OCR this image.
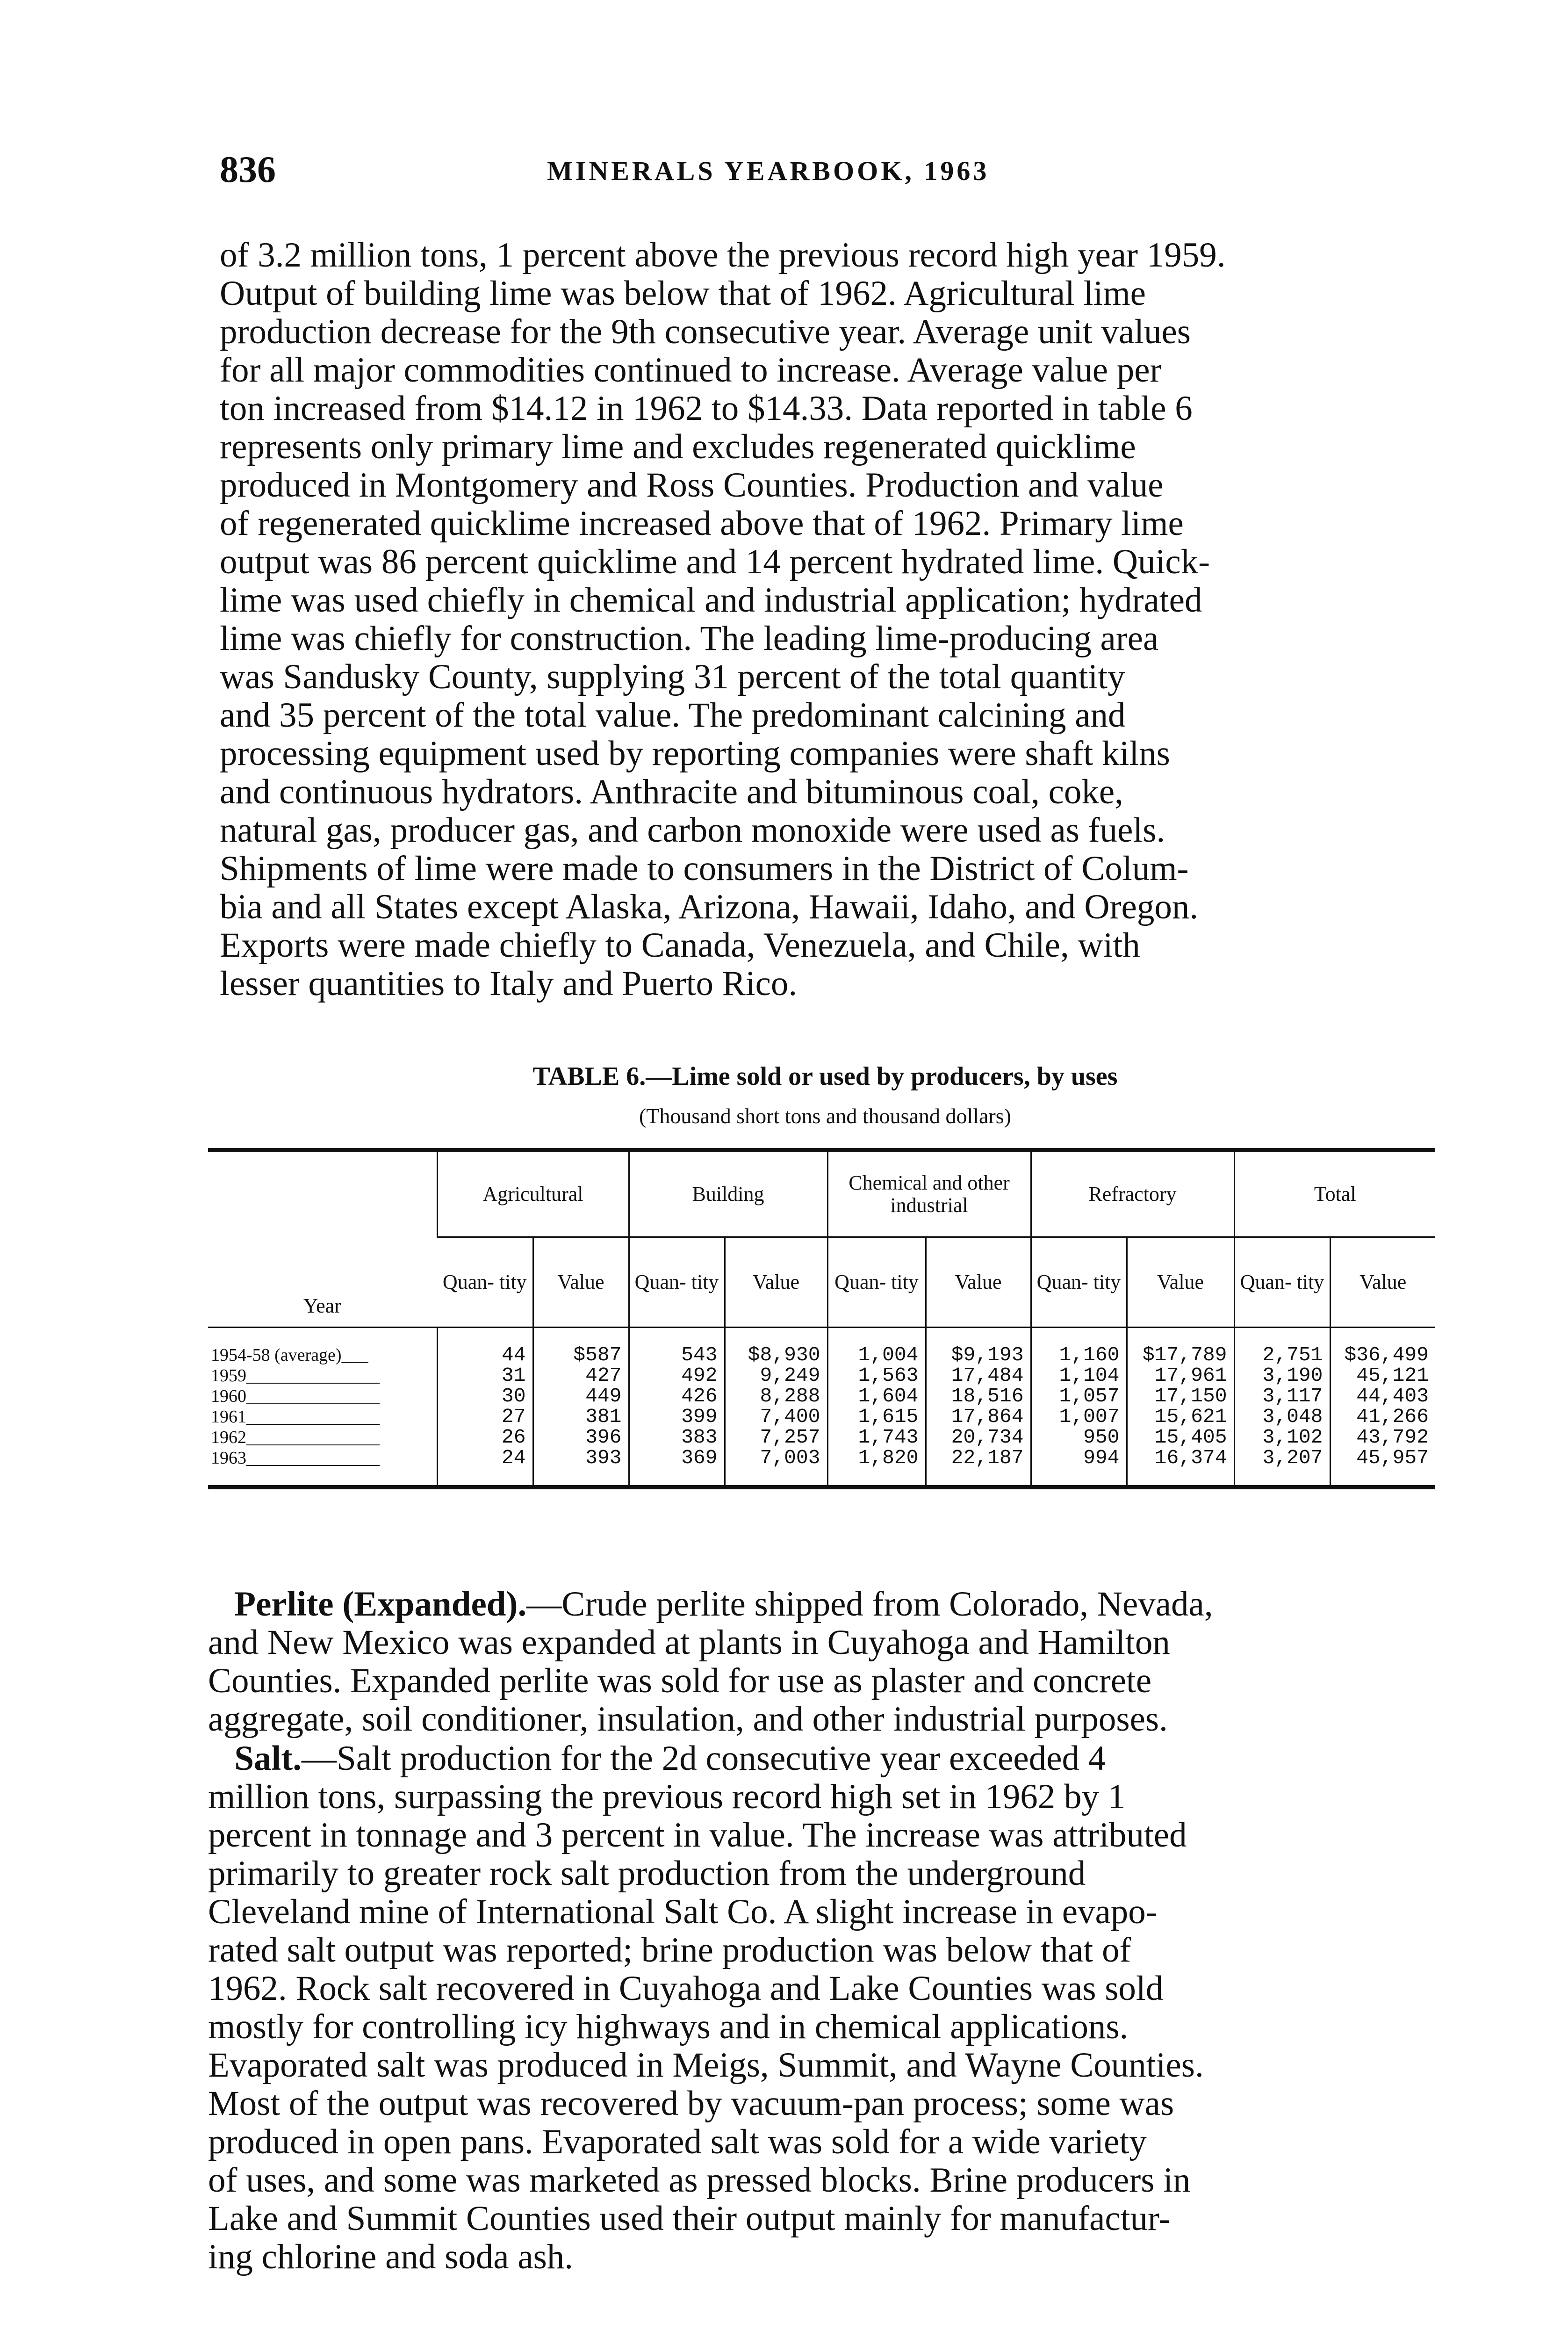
836	MINERALS YEARBOOK, 1963

of 3.2 million tons, 1 percent above the previous record high year 1959.
Output of building lime was below that of 1962. Agricultural lime
production decrease for the 9th consecutive year. Average unit values
for all major commodities continued to increase. Average value per
ton increased from $14.12 in 1962 to $14.33. Data reported in table 6
represents only primary lime and excludes regenerated quicklime
produced in Montgomery and Ross Counties. Production and value
of regenerated quicklime increased above that of 1962. Primary lime
output was 86 percent quicklime and 14 percent hydrated lime. Quick-
lime was used chiefly in chemical and industrial application; hydrated
lime was chiefly for construction. The leading lime-producing area
was Sandusky County, supplying 31 percent of the total quantity
and 35 percent of the total value. The predominant calcining and
processing equipment used by reporting companies were shaft kilns
and continuous hydrators. Anthracite and bituminous coal, coke,
natural gas, producer gas, and carbon monoxide were used as fuels.
Shipments of lime were made to consumers in the District of Colum-
bia and all States except Alaska, Arizona, Hawaii, Idaho, and Oregon.
Exports were made chiefly to Canada, Venezuela, and Chile, with
lesser quantities to Italy and Puerto Rico.

TABLE 6.—Lime sold or used by producers, by uses

(Thousand short tons and thousand dollars)

Year	Agricultural		Building		Chemical and other industrial		Refractory		Total	
	Quan- tity	Value	Quan- tity	Value	Quan- tity	Value	Quan- tity	Value	Quan- tity	Value
1954-58 (average)___	44	$587	543	$8,930	1,004	$9,193	1,160	$17,789	2,751	$36,499
1959_______________	31	427	492	9,249	1,563	17,484	1,104	17,961	3,190	45,121
1960_______________	30	449	426	8,288	1,604	18,516	1,057	17,150	3,117	44,403
1961_______________	27	381	399	7,400	1,615	17,864	1,007	15,621	3,048	41,266
1962_______________	26	396	383	7,257	1,743	20,734	950	15,405	3,102	43,792
1963_______________	24	393	369	7,003	1,820	22,187	994	16,374	3,207	45,957

Perlite (Expanded).—Crude perlite shipped from Colorado, Nevada,
and New Mexico was expanded at plants in Cuyahoga and Hamilton
Counties. Expanded perlite was sold for use as plaster and concrete
aggregate, soil conditioner, insulation, and other industrial purposes.

Salt.—Salt production for the 2d consecutive year exceeded 4
million tons, surpassing the previous record high set in 1962 by 1
percent in tonnage and 3 percent in value. The increase was attributed
primarily to greater rock salt production from the underground
Cleveland mine of International Salt Co. A slight increase in evapo-
rated salt output was reported; brine production was below that of
1962. Rock salt recovered in Cuyahoga and Lake Counties was sold
mostly for controlling icy highways and in chemical applications.
Evaporated salt was produced in Meigs, Summit, and Wayne Counties.
Most of the output was recovered by vacuum-pan process; some was
produced in open pans. Evaporated salt was sold for a wide variety
of uses, and some was marketed as pressed blocks. Brine producers in
Lake and Summit Counties used their output mainly for manufactur-
ing chlorine and soda ash.
